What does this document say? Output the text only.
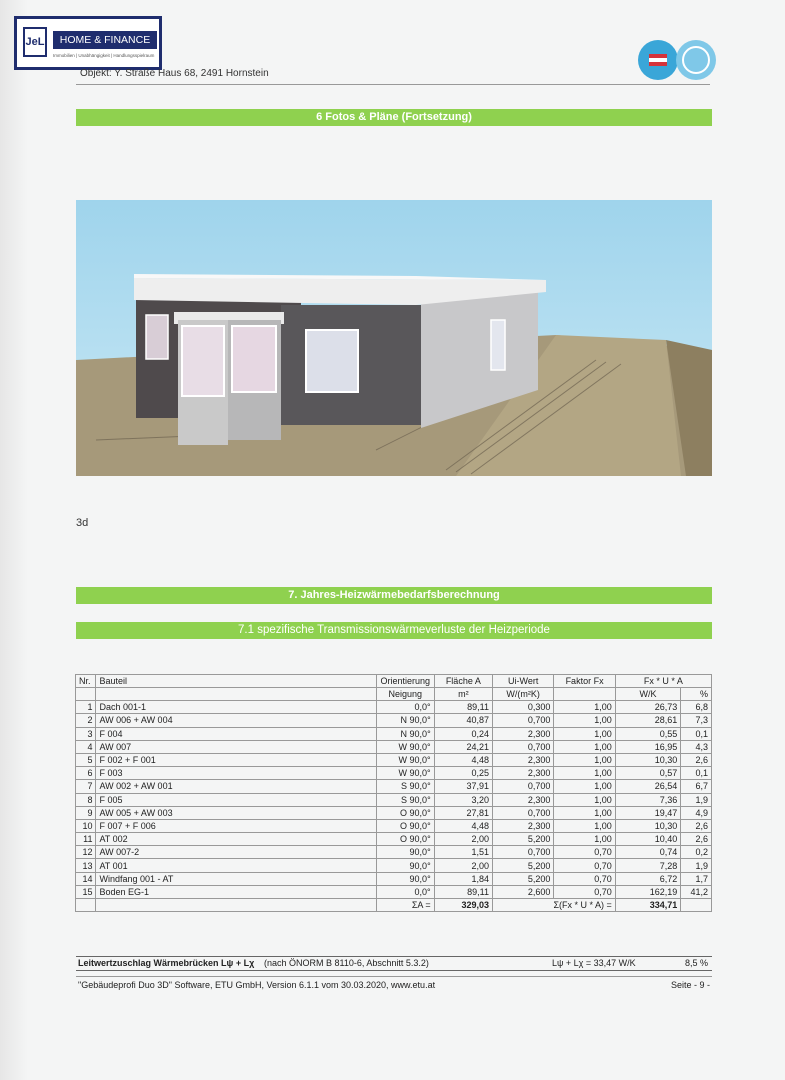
JeL	HOME & FINANCE
Immobilien | Unabhängigkeit | Handlungsspielraum
Objekt: Y. Straße Haus 68, 2491 Hornstein
6 Fotos & Pläne (Fortsetzung)
3d
7. Jahres-Heizwärmebedarfsberechnung
7.1 spezifische Transmissionswärmeverluste der Heizperiode
Nr.	Bauteil	Orientierung	Fläche A	Ui-Wert	Faktor Fx	Fx * U * A	
		Neigung	m²	W/(m²K)		W/K	%
1	Dach 001-1	0,0°	89,11	0,300	1,00	26,73	6,8
2	AW 006 + AW 004	N 90,0°	40,87	0,700	1,00	28,61	7,3
3	F 004	N 90,0°	0,24	2,300	1,00	0,55	0,1
4	AW 007	W 90,0°	24,21	0,700	1,00	16,95	4,3
5	F 002 + F 001	W 90,0°	4,48	2,300	1,00	10,30	2,6
6	F 003	W 90,0°	0,25	2,300	1,00	0,57	0,1
7	AW 002 + AW 001	S 90,0°	37,91	0,700	1,00	26,54	6,7
8	F 005	S 90,0°	3,20	2,300	1,00	7,36	1,9
9	AW 005 + AW 003	O 90,0°	27,81	0,700	1,00	19,47	4,9
10	F 007 + F 006	O 90,0°	4,48	2,300	1,00	10,30	2,6
11	AT 002	O 90,0°	2,00	5,200	1,00	10,40	2,6
12	AW 007-2	90,0°	1,51	0,700	0,70	0,74	0,2
13	AT 001	90,0°	2,00	5,200	0,70	7,28	1,9
14	Windfang 001 - AT	90,0°	1,84	5,200	0,70	6,72	1,7
15	Boden EG-1	0,0°	89,11	2,600	0,70	162,19	41,2
		ΣA =	329,03	Σ(Fx * U * A) =		334,71	
Leitwertzuschlag Wärmebrücken Lψ + Lχ (nach ÖNORM B 8110-6, Abschnitt 5.3.2)	Lψ + Lχ = 33,47 W/K	8,5 %
"Gebäudeprofi Duo 3D" Software, ETU GmbH, Version 6.1.1 vom 30.03.2020, www.etu.at	Seite - 9 -
